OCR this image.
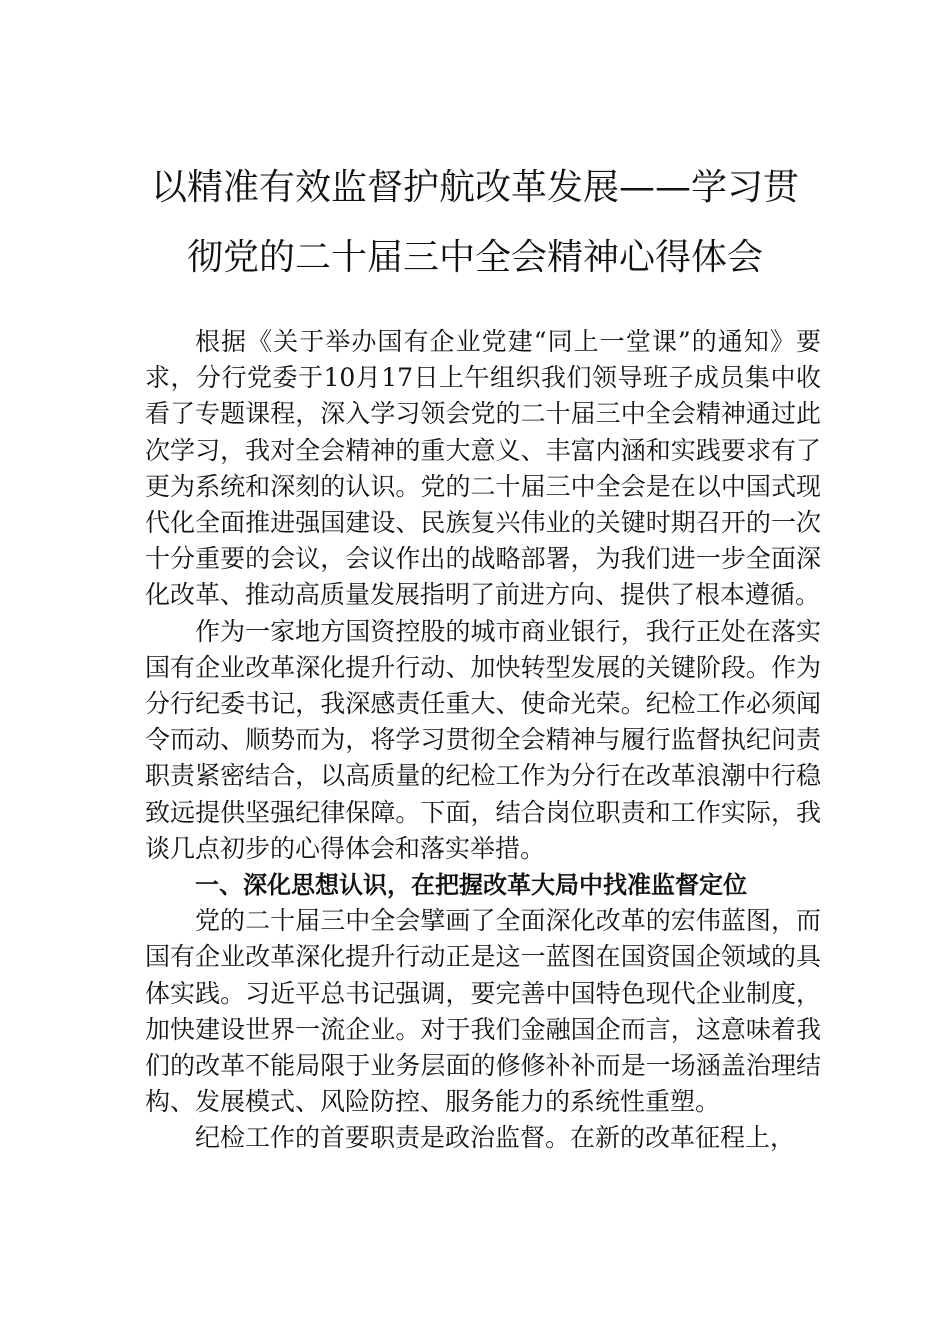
以精准有效监督护航改革发展——学习贯
彻党的二十届三中全会精神心得体会

根据《关于举办国有企业党建“同上一堂课”的通知》要求，分行党委于10月17日上午组织我们领导班子成员集中收看了专题课程，深入学习领会党的二十届三中全会精神通过此次学习，我对全会精神的重大意义、丰富内涵和实践要求有了更为系统和深刻的认识。党的二十届三中全会是在以中国式现代化全面推进强国建设、民族复兴伟业的关键时期召开的一次十分重要的会议，会议作出的战略部署，为我们进一步全面深化改革、推动高质量发展指明了前进方向、提供了根本遵循。

作为一家地方国资控股的城市商业银行，我行正处在落实国有企业改革深化提升行动、加快转型发展的关键阶段。作为分行纪委书记，我深感责任重大、使命光荣。纪检工作必须闻令而动、顺势而为，将学习贯彻全会精神与履行监督执纪问责职责紧密结合，以高质量的纪检工作为分行在改革浪潮中行稳致远提供坚强纪律保障。下面，结合岗位职责和工作实际，我谈几点初步的心得体会和落实举措。

一、深化思想认识，在把握改革大局中找准监督定位

党的二十届三中全会擘画了全面深化改革的宏伟蓝图，而国有企业改革深化提升行动正是这一蓝图在国资国企领域的具体实践。习近平总书记强调，要完善中国特色现代企业制度，加快建设世界一流企业。对于我们金融国企而言，这意味着我们的改革不能局限于业务层面的修修补补而是一场涵盖治理结构、发展模式、风险防控、服务能力的系统性重塑。

纪检工作的首要职责是政治监督。在新的改革征程上，
